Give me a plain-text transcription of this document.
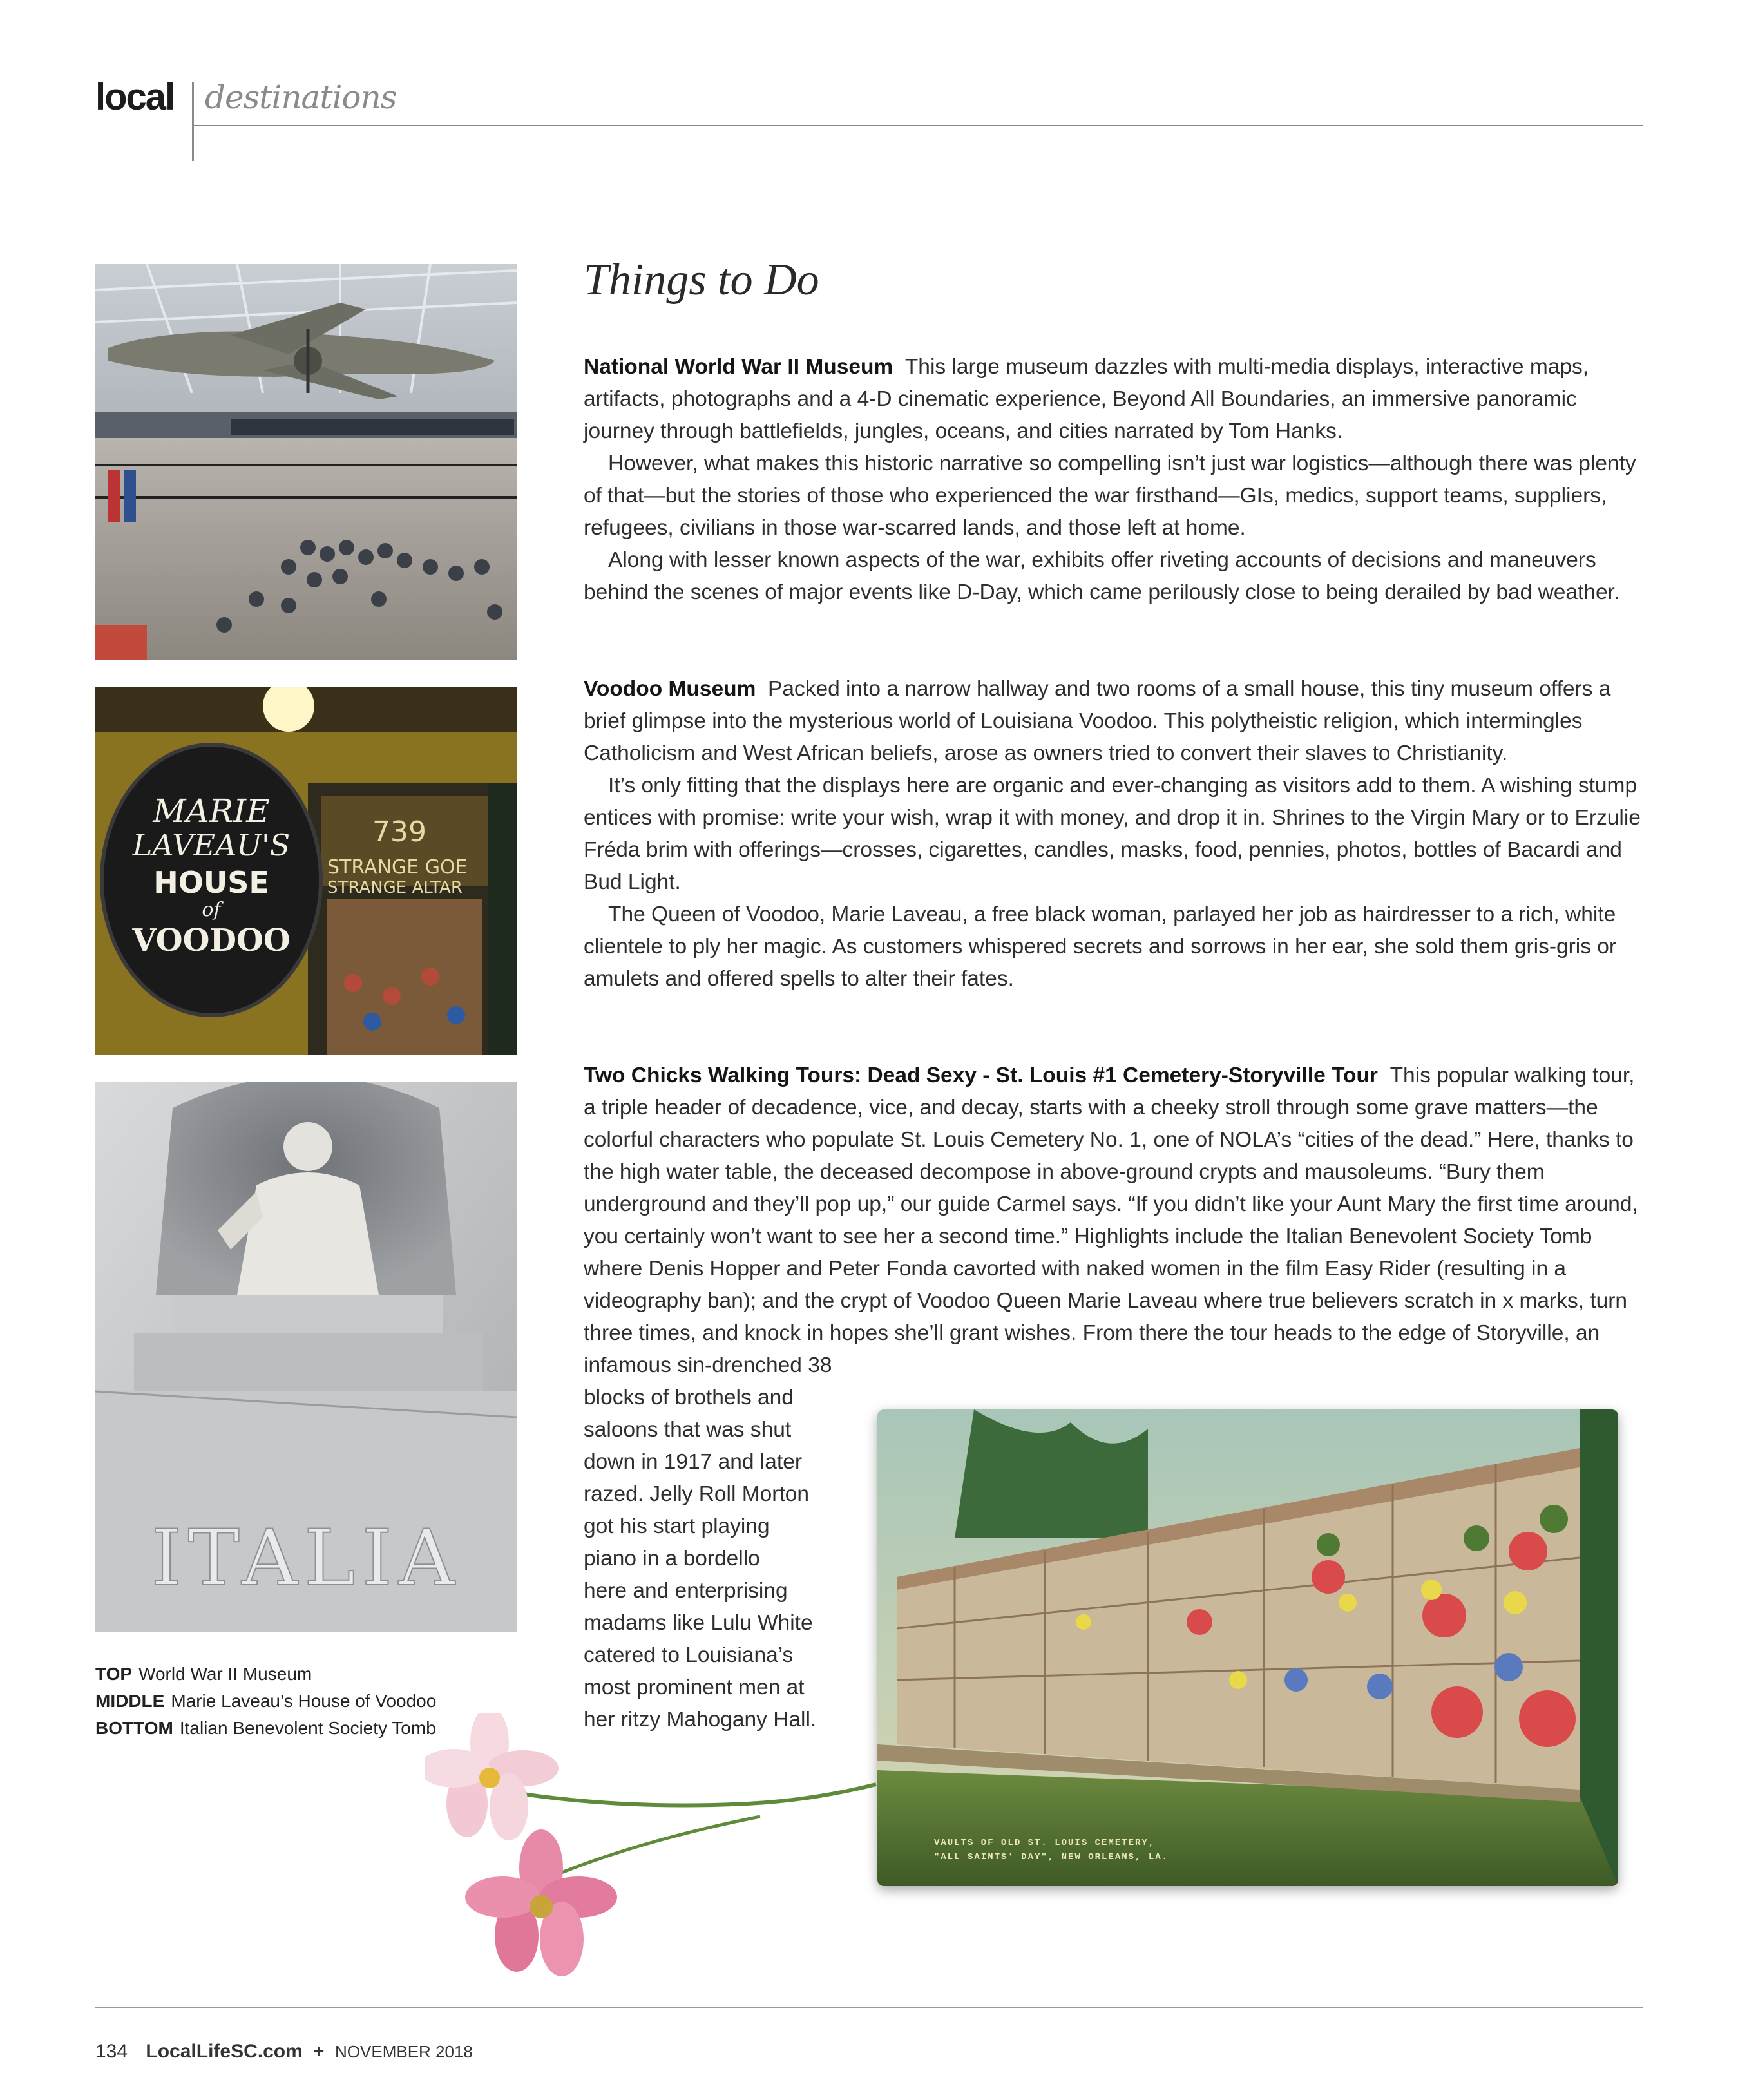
local destinations
739
STRANGE GOE
STRANGE ALTAR
MARIE
LAVEAU'S
HOUSE
of
VOODOO
ITALIA
TOP World War II Museum
MIDDLE Marie Laveau’s House of Voodoo
BOTTOM Italian Benevolent Society Tomb
Things to Do

National World War II Museum This large museum dazzles with multi-media displays, interactive maps, artifacts, photographs and a 4-D cinematic experience, Beyond All Boundaries, an immersive panoramic journey through battlefields, jungles, oceans, and cities narrated by Tom Hanks.

However, what makes this historic narrative so compelling isn’t just war logistics—although there was plenty of that—but the stories of those who experienced the war firsthand—GIs, medics, support teams, suppliers, refugees, civilians in those war-scarred lands, and those left at home.

Along with lesser known aspects of the war, exhibits offer riveting accounts of decisions and maneuvers behind the scenes of major events like D-Day, which came perilously close to being derailed by bad weather.

Voodoo Museum Packed into a narrow hallway and two rooms of a small house, this tiny museum offers a brief glimpse into the mysterious world of Louisiana Voodoo. This polytheistic religion, which intermingles Catholicism and West African beliefs, arose as owners tried to convert their slaves to Christianity.

It’s only fitting that the displays here are organic and ever-changing as visitors add to them. A wishing stump entices with promise: write your wish, wrap it with money, and drop it in. Shrines to the Virgin Mary or to Erzulie Fréda brim with offerings—crosses, cigarettes, candles, masks, food, pennies, photos, bottles of Bacardi and Bud Light.

The Queen of Voodoo, Marie Laveau, a free black woman, parlayed her job as hairdresser to a rich, white clientele to ply her magic. As customers whispered secrets and sorrows in her ear, she sold them gris-gris or amulets and offered spells to alter their fates.

Two Chicks Walking Tours: Dead Sexy - St. Louis #1 Cemetery-Storyville Tour This popular walking tour, a triple header of decadence, vice, and decay, starts with a cheeky stroll through some grave matters—the colorful characters who populate St. Louis Cemetery No. 1, one of NOLA’s “cities of the dead.” Here, thanks to the high water table, the deceased decompose in above-ground crypts and mausoleums. “Bury them underground and they’ll pop up,” our guide Carmel says. “If you didn’t like your Aunt Mary the first time around, you certainly won’t want to see her a second time.” Highlights include the Italian Benevolent Society Tomb where Denis Hopper and Peter Fonda cavorted with naked women in the film Easy Rider (resulting in a videography ban); and the crypt of Voodoo Queen Marie Laveau where true believers scratch in x marks, turn three times, and knock in hopes she’ll grant wishes. From there the tour heads to the edge of Storyville, an infamous sin-drenched 38

blocks of brothels and
saloons that was shut
down in 1917 and later
razed. Jelly Roll Morton
got his start playing
piano in a bordello
here and enterprising
madams like Lulu White
catered to Louisiana’s
most prominent men at
her ritzy Mahogany Hall.
VAULTS OF OLD ST. LOUIS CEMETERY,
"ALL SAINTS' DAY", NEW ORLEANS, LA.
134 LocalLifeSC.com + NOVEMBER 2018
